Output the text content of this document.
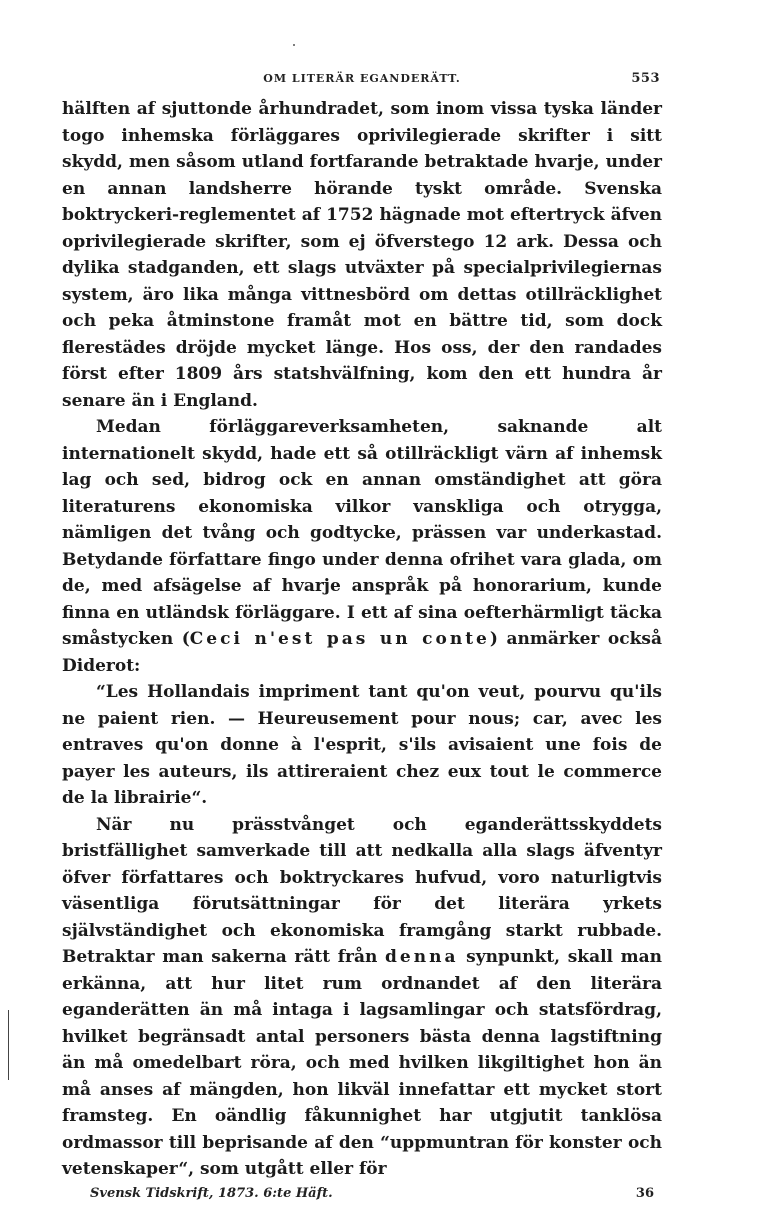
OM LITERÄR EGANDERÄTT.	553

hälften af sjuttonde århundradet, som inom vissa tyska länder togo inhemska förläggares oprivilegierade skrifter i sitt skydd, men såsom utland fortfarande betraktade hvarje, under en annan landsherre hörande tyskt område. Svenska boktryckeri-reglementet af 1752 hägnade mot eftertryck äfven oprivilegierade skrifter, som ej öfverstego 12 ark. Dessa och dylika stadganden, ett slags utväxter på specialprivilegiernas system, äro lika många vittnesbörd om dettas otillräcklighet och peka åtminstone framåt mot en bättre tid, som dock flerestädes dröjde mycket länge. Hos oss, der den randades först efter 1809 års statshvälfning, kom den ett hundra år senare än i England.

Medan förläggareverksamheten, saknande alt internationelt skydd, hade ett så otillräckligt värn af inhemsk lag och sed, bidrog ock en annan omständighet att göra literaturens ekonomiska vilkor vanskliga och otrygga, nämligen det tvång och godtycke, prässen var underkastad. Betydande författare fingo under denna ofrihet vara glada, om de, med afsägelse af hvarje anspråk på honorarium, kunde finna en utländsk förläggare. I ett af sina oefterhärmligt täcka småstycken (Ceci n'est pas un conte) anmärker också Diderot:

“Les Hollandais impriment tant qu'on veut, pourvu qu'ils ne paient rien. — Heureusement pour nous; car, avec les entraves qu'on donne à l'esprit, s'ils avisaient une fois de payer les auteurs, ils attireraient chez eux tout le commerce de la librairie“.

När nu prässtvånget och eganderättsskyddets bristfällighet samverkade till att nedkalla alla slags äfventyr öfver författares och boktryckares hufvud, voro naturligtvis väsentliga förutsättningar för det literära yrkets självständighet och ekonomiska framgång starkt rubbade. Betraktar man sakerna rätt från denna synpunkt, skall man erkänna, att hur litet rum ordnandet af den literära eganderätten än må intaga i lagsamlingar och statsfördrag, hvilket begränsadt antal personers bästa denna lagstiftning än må omedelbart röra, och med hvilken likgiltighet hon än må anses af mängden, hon likväl innefattar ett mycket stort framsteg. En oändlig fåkunnighet har utgjutit tanklösa ordmassor till beprisande af den “uppmuntran för konster och vetenskaper“, som utgått eller för

Svensk Tidskrift, 1873. 6:te Häft.	36
